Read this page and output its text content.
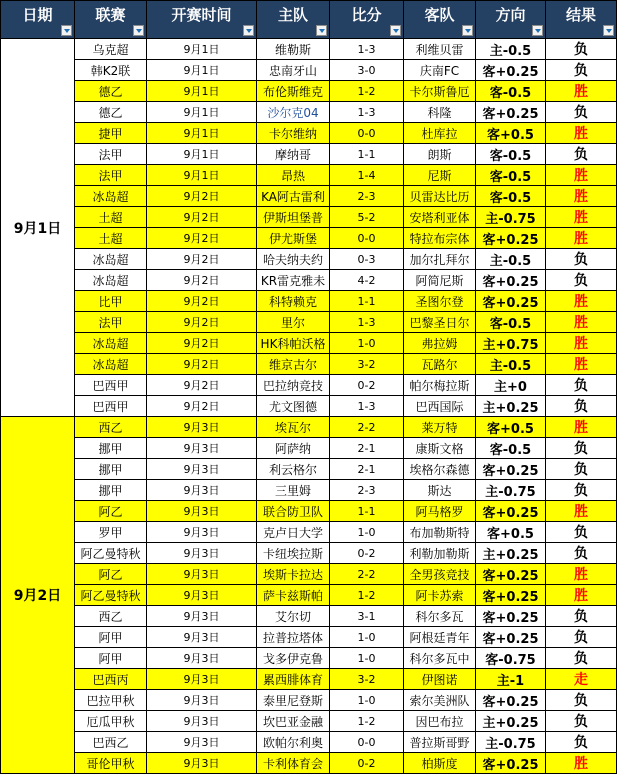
日期	联赛	开赛时间	主队	比分	客队	方向	结果

9月1日	乌克超	9月1日	维勒斯	1-3	利维贝雷	主-0.5	负
	韩K2联	9月1日	忠南牙山	3-0	庆南FC	客+0.25	负
	德乙	9月1日	布伦斯维克	1-2	卡尔斯鲁厄	客-0.5	胜
	德乙	9月1日	沙尔克04	1-3	科隆	客+0.25	负
	捷甲	9月1日	卡尔维纳	0-0	杜库拉	客+0.5	胜
	法甲	9月1日	摩纳哥	1-1	朗斯	客-0.5	负
	法甲	9月1日	昂热	1-4	尼斯	客-0.5	胜
	冰岛超	9月2日	KA阿古雷利	2-3	贝雷达比历	客-0.5	胜
	土超	9月2日	伊斯坦堡普	5-2	安塔利亚体	主-0.75	胜
	土超	9月2日	伊尤斯堡	0-0	特拉布宗体	客+0.25	胜
	冰岛超	9月2日	哈夫纳夫约	0-3	加尔扎拜尔	主-0.5	负
	冰岛超	9月2日	KR雷克雅未	4-2	阿简尼斯	客+0.25	负
	比甲	9月2日	科特赖克	1-1	圣图尔登	客+0.25	胜
	法甲	9月2日	里尔	1-3	巴黎圣日尔	客-0.5	胜
	冰岛超	9月2日	HK科帕沃格	1-0	弗拉姆	主+0.75	胜
	冰岛超	9月2日	维京古尔	3-2	瓦路尔	主-0.5	胜
	巴西甲	9月2日	巴拉纳竞技	0-2	帕尔梅拉斯	主+0	负
	巴西甲	9月2日	尤文图德	1-3	巴西国际	主+0.25	负
9月2日	西乙	9月3日	埃瓦尔	2-2	莱万特	客+0.5	胜
	挪甲	9月3日	阿萨纳	2-1	康斯文格	客-0.5	负
	挪甲	9月3日	利云格尔	2-1	埃格尔森德	客+0.25	负
	挪甲	9月3日	三里姆	2-3	斯达	主-0.75	负
	阿乙	9月3日	联合防卫队	1-1	阿马格罗	客+0.25	胜
	罗甲	9月3日	克卢日大学	1-0	布加勒斯特	客+0.5	负
	阿乙曼特秋	9月3日	卡纽埃拉斯	0-2	利勒加勒斯	主+0.25	负
	阿乙	9月3日	埃斯卡拉达	2-2	全男孩竞技	客+0.25	胜
	阿乙曼特秋	9月3日	萨卡兹斯帕	1-2	阿卡苏索	客+0.25	胜
	西乙	9月3日	艾尔切	3-1	科尔多瓦	客+0.25	负
	阿甲	9月3日	拉普拉塔体	1-0	阿根廷青年	客+0.25	负
	阿甲	9月3日	戈多伊克鲁	1-0	科尔多瓦中	客-0.75	负
	巴西丙	9月3日	累西腓体育	3-2	伊图诺	主-1	走
	巴拉甲秋	9月3日	泰里尼登斯	1-0	索尔美洲队	客+0.25	负
	厄瓜甲秋	9月3日	坎巴亚金融	1-2	因巴布拉	主+0.25	负
	巴西乙	9月3日	欧帕尔利奥	0-0	普拉斯哥野	主-0.75	负
	哥伦甲秋	9月3日	卡利体育会	0-2	柏斯度	客+0.25	胜
